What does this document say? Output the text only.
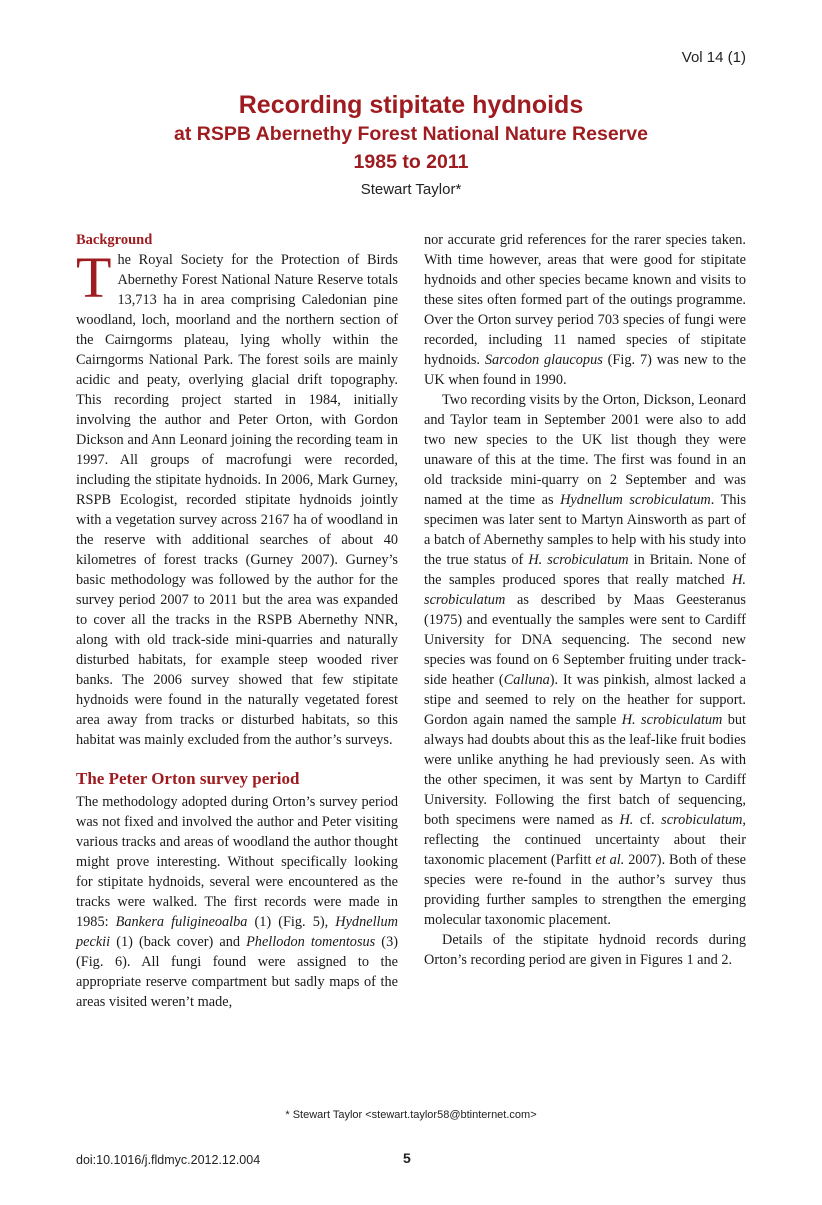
Vol 14 (1)
Recording stipitate hydnoids
at RSPB Abernethy Forest National Nature Reserve
1985 to 2011
Stewart Taylor*
Background

The Royal Society for the Protection of Birds Abernethy Forest National Nature Reserve totals 13,713 ha in area comprising Caledonian pine woodland, loch, moorland and the northern section of the Cairngorms plateau, lying wholly within the Cairngorms National Park. The forest soils are mainly acidic and peaty, overlying glacial drift topography. This recording project started in 1984, initially involving the author and Peter Orton, with Gordon Dickson and Ann Leonard joining the recording team in 1997. All groups of macrofungi were recorded, including the stipitate hydnoids. In 2006, Mark Gurney, RSPB Ecologist, recorded stipitate hydnoids jointly with a vegetation survey across 2167 ha of woodland in the reserve with additional searches of about 40 kilometres of forest tracks (Gurney 2007). Gurney’s basic methodology was followed by the author for the survey period 2007 to 2011 but the area was expanded to cover all the tracks in the RSPB Abernethy NNR, along with old track-side mini-quarries and naturally disturbed habitats, for example steep wooded river banks. The 2006 survey showed that few stipitate hydnoids were found in the naturally vegetated forest area away from tracks or disturbed habitats, so this habitat was mainly excluded from the author’s surveys.

The Peter Orton survey period

The methodology adopted during Orton’s survey period was not fixed and involved the author and Peter visiting various tracks and areas of woodland the author thought might prove interesting. Without specifically looking for stipitate hydnoids, several were encountered as the tracks were walked. The first records were made in 1985: Bankera fuligineoalba (1) (Fig. 5), Hydnellum peckii (1) (back cover) and Phellodon tomentosus (3) (Fig. 6). All fungi found were assigned to the appropriate reserve compartment but sadly maps of the areas visited weren’t made,

nor accurate grid references for the rarer species taken. With time however, areas that were good for stipitate hydnoids and other species became known and visits to these sites often formed part of the outings programme. Over the Orton survey period 703 species of fungi were recorded, including 11 named species of stipitate hydnoids. Sarcodon glaucopus (Fig. 7) was new to the UK when found in 1990.

Two recording visits by the Orton, Dickson, Leonard and Taylor team in September 2001 were also to add two new species to the UK list though they were unaware of this at the time. The first was found in an old trackside mini-quarry on 2 September and was named at the time as Hydnellum scrobiculatum. This specimen was later sent to Martyn Ainsworth as part of a batch of Abernethy samples to help with his study into the true status of H. scrobiculatum in Britain. None of the samples produced spores that really matched H. scrobiculatum as described by Maas Geesteranus (1975) and eventually the samples were sent to Cardiff University for DNA sequencing. The second new species was found on 6 September fruiting under track-side heather (Calluna). It was pinkish, almost lacked a stipe and seemed to rely on the heather for support. Gordon again named the sample H. scrobiculatum but always had doubts about this as the leaf-like fruit bodies were unlike anything he had previously seen. As with the other specimen, it was sent by Martyn to Cardiff University. Following the first batch of sequencing, both specimens were named as H. cf. scrobiculatum, reflecting the continued uncertainty about their taxonomic placement (Parfitt et al. 2007). Both of these species were re-found in the author’s survey thus providing further samples to strengthen the emerging molecular taxonomic placement.

Details of the stipitate hydnoid records during Orton’s recording period are given in Figures 1 and 2.

* Stewart Taylor <stewart.taylor58@btinternet.com>
doi:10.1016/j.fldmyc.2012.12.004	5
